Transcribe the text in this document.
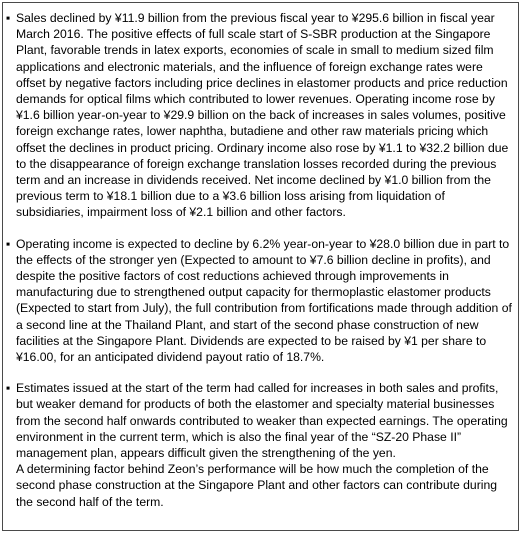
▪ Sales declined by ¥11.9 billion from the previous fiscal year to ¥295.6 billion in fiscal year March 2016. The positive effects of full scale start of S-SBR production at the Singapore Plant, favorable trends in latex exports, economies of scale in small to medium sized film applications and electronic materials, and the influence of foreign exchange rates were offset by negative factors including price declines in elastomer products and price reduction demands for optical films which contributed to lower revenues. Operating income rose by ¥1.6 billion year-on-year to ¥29.9 billion on the back of increases in sales volumes, positive foreign exchange rates, lower naphtha, butadiene and other raw materials pricing which offset the declines in product pricing. Ordinary income also rose by ¥1.1 to ¥32.2 billion due to the disappearance of foreign exchange translation losses recorded during the previous term and an increase in dividends received. Net income declined by ¥1.0 billion from the previous term to ¥18.1 billion due to a ¥3.6 billion loss arising from liquidation of subsidiaries, impairment loss of ¥2.1 billion and other factors.
▪ Operating income is expected to decline by 6.2% year-on-year to ¥28.0 billion due in part to the effects of the stronger yen (Expected to amount to ¥7.6 billion decline in profits), and despite the positive factors of cost reductions achieved through improvements in manufacturing due to strengthened output capacity for thermoplastic elastomer products (Expected to start from July), the full contribution from fortifications made through addition of a second line at the Thailand Plant, and start of the second phase construction of new facilities at the Singapore Plant. Dividends are expected to be raised by ¥1 per share to ¥16.00, for an anticipated dividend payout ratio of 18.7%.
▪ Estimates issued at the start of the term had called for increases in both sales and profits, but weaker demand for products of both the elastomer and specialty material businesses from the second half onwards contributed to weaker than expected earnings. The operating environment in the current term, which is also the final year of the “SZ-20 Phase II” management plan, appears difficult given the strengthening of the yen.
A determining factor behind Zeon’s performance will be how much the completion of the second phase construction at the Singapore Plant and other factors can contribute during the second half of the term.
